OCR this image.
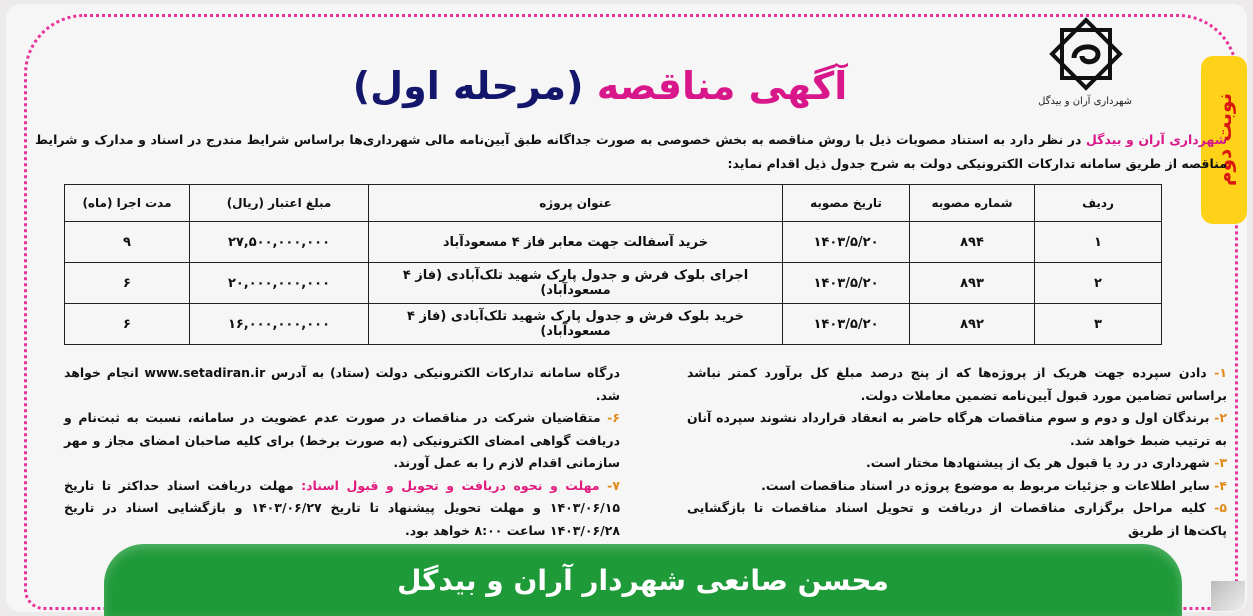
نوبت دوم
شهرداری آران و بیدگل
آگهی مناقصه (مرحله اول)
شهرداری آران و بیدگل در نظر دارد به استناد مصوبات ذیل با روش مناقصه به بخش خصوصی به صورت جداگانه طبق آیین‌نامه مالی شهرداری‌ها براساس شرایط مندرج در اسناد و مدارک و شرایط مناقصه از طریق سامانه تدارکات الکترونیکی دولت به شرح جدول ذیل اقدام نماید:
ردیف	شماره مصوبه	تاریخ مصوبه	عنوان پروژه	مبلغ اعتبار (ریال)	مدت اجرا (ماه)
۱	۸۹۴	۱۴۰۳/۵/۲۰	خرید آسفالت جهت معابر فاز ۴ مسعودآباد	۲۷,۵۰۰,۰۰۰,۰۰۰	۹
۲	۸۹۳	۱۴۰۳/۵/۲۰	اجرای بلوک فرش و جدول پارک شهید تلک‌آبادی (فاز ۴ مسعودآباد)	۲۰,۰۰۰,۰۰۰,۰۰۰	۶
۳	۸۹۲	۱۴۰۳/۵/۲۰	خرید بلوک فرش و جدول پارک شهید تلک‌آبادی (فاز ۴ مسعودآباد)	۱۶,۰۰۰,۰۰۰,۰۰۰	۶
۱- دادن سپرده جهت هریک از پروژه‌ها که از پنج درصد مبلغ کل برآورد کمتر نباشد براساس تضامین مورد قبول آیین‌نامه تضمین معاملات دولت.
۲- برندگان اول و دوم و سوم مناقصات هرگاه حاضر به انعقاد قرارداد نشوند سپرده آنان به ترتیب ضبط خواهد شد.
۳- شهرداری در رد یا قبول هر یک از پیشنهادها مختار است.
۴- سایر اطلاعات و جزئیات مربوط به موضوع پروژه در اسناد مناقصات است.
۵- کلیه مراحل برگزاری مناقصات از دریافت و تحویل اسناد مناقصات تا بازگشایی پاکت‌ها از طریق
درگاه سامانه تدارکات الکترونیکی دولت (ستاد) به آدرس www.setadiran.ir انجام خواهد شد.
۶- متقاضیان شرکت در مناقصات در صورت عدم عضویت در سامانه، نسبت به ثبت‌نام و دریافت گواهی امضای الکترونیکی (به صورت برخط) برای کلیه صاحبان امضای مجاز و مهر سازمانی اقدام لازم را به عمل آورند.
۷- مهلت و نحوه دریافت و تحویل و قبول اسناد: مهلت دریافت اسناد حداکثر تا تاریخ ۱۴۰۳/۰۶/۱۵ و مهلت تحویل پیشنهاد تا تاریخ ۱۴۰۳/۰۶/۲۷ و بازگشایی اسناد در تاریخ ۱۴۰۳/۰۶/۲۸ ساعت ۸:۰۰ خواهد بود.
محسن صانعی شهردار آران و بیدگل
